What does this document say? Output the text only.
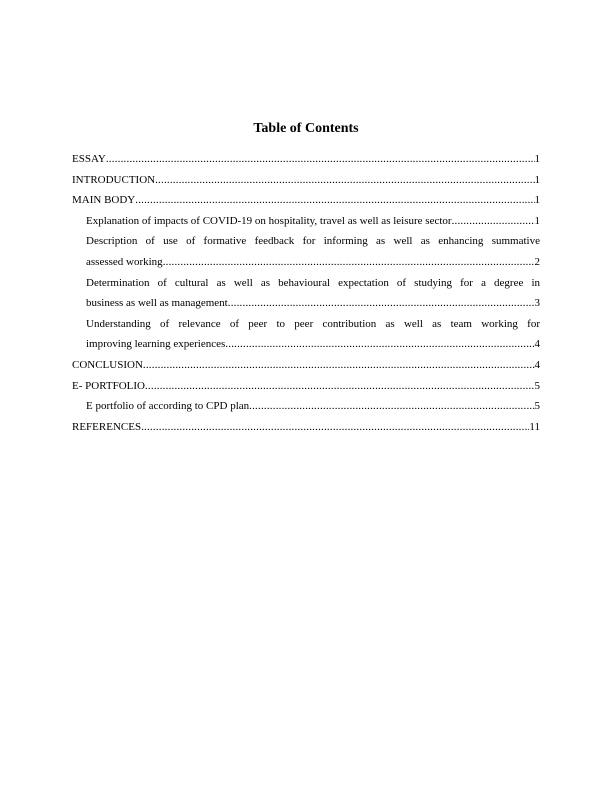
Table of Contents
ESSAY .....	1
INTRODUCTION .....	1
MAIN BODY .....	1
Explanation of impacts of COVID-19 on hospitality, travel as well as leisure sector .....	1
Description of use of formative feedback for informing as well as enhancing summative
assessed working .....	2
Determination of cultural as well as behavioural expectation of studying for a degree in
business as well as management .....	3
Understanding of relevance of peer to peer contribution as well as team working for
improving learning experiences .....	4
CONCLUSION .....	4
E- PORTFOLIO .....	5
E portfolio of according to CPD plan .....	5
REFERENCES .....	11
